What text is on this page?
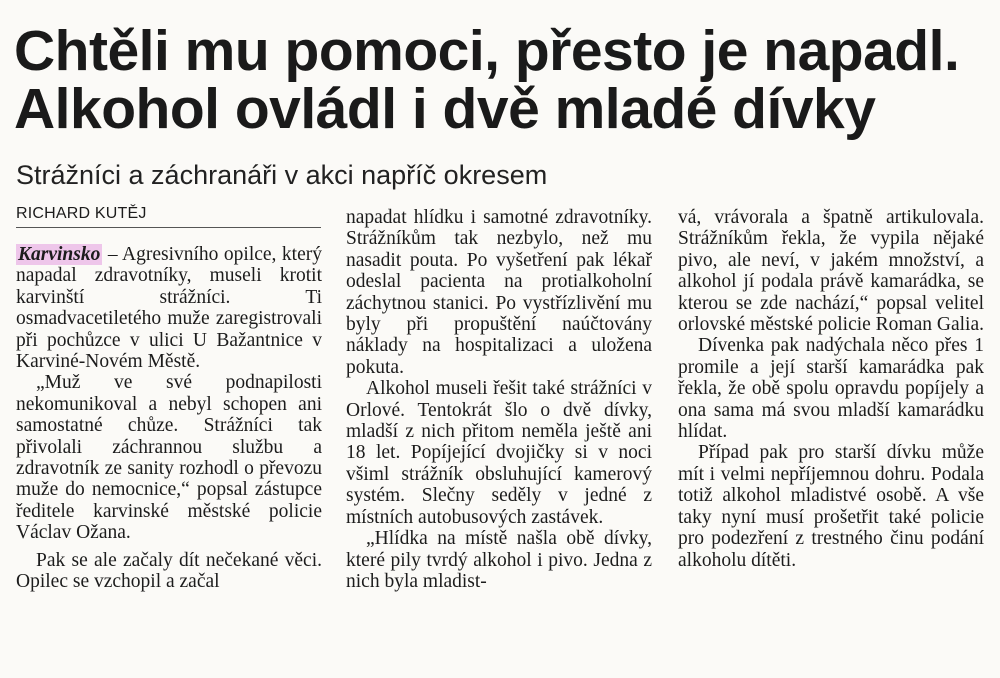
Chtěli mu pomoci, přesto je napadl.
Alkohol ovládl i dvě mladé dívky
Strážníci a záchranáři v akci napříč okresem
RICHARD KUTĚJ

Karvinsko – Agresivního opilce, který napadal zdravotníky, museli krotit karvinští strážníci. Ti osmadvacetiletého muže zaregistrovali při pochůzce v ulici U Bažantnice v Karviné-Novém Městě.

„Muž ve své podnapilosti nekomunikoval a nebyl schopen ani samostatné chůze. Strážníci tak přivolali záchrannou službu a zdravotník ze sanity rozhodl o převozu muže do nemocnice,“ popsal zástupce ředitele karvinské městské policie Václav Ožana.

Pak se ale začaly dít nečekané věci. Opilec se vzchopil a začal

napadat hlídku i samotné zdravotníky. Strážníkům tak nezbylo, než mu nasadit pouta. Po vyšetření pak lékař odeslal pacienta na protialkoholní záchytnou stanici. Po vystřízlivění mu byly při propuštění naúčtovány náklady na hospitalizaci a uložena pokuta.

Alkohol museli řešit také strážníci v Orlové. Tentokrát šlo o dvě dívky, mladší z nich přitom neměla ještě ani 18 let. Popíjející dvojičky si v noci všiml strážník obsluhující kamerový systém. Slečny seděly v jedné z místních autobusových zastávek.

„Hlídka na místě našla obě dívky, které pily tvrdý alkohol i pivo. Jedna z nich byla mladist-

vá, vrávorala a špatně artikulovala. Strážníkům řekla, že vypila nějaké pivo, ale neví, v jakém množství, a alkohol jí podala právě kamarádka, se kterou se zde nachází,“ popsal velitel orlovské městské policie Roman Galia.

Dívenka pak nadýchala něco přes 1 promile a její starší kamarádka pak řekla, že obě spolu opravdu popíjely a ona sama má svou mladší kamarádku hlídat.

Případ pak pro starší dívku může mít i velmi nepříjemnou dohru. Podala totiž alkohol mladistvé osobě. A vše taky nyní musí prošetřit také policie pro podezření z trestného činu podání alkoholu dítěti.
